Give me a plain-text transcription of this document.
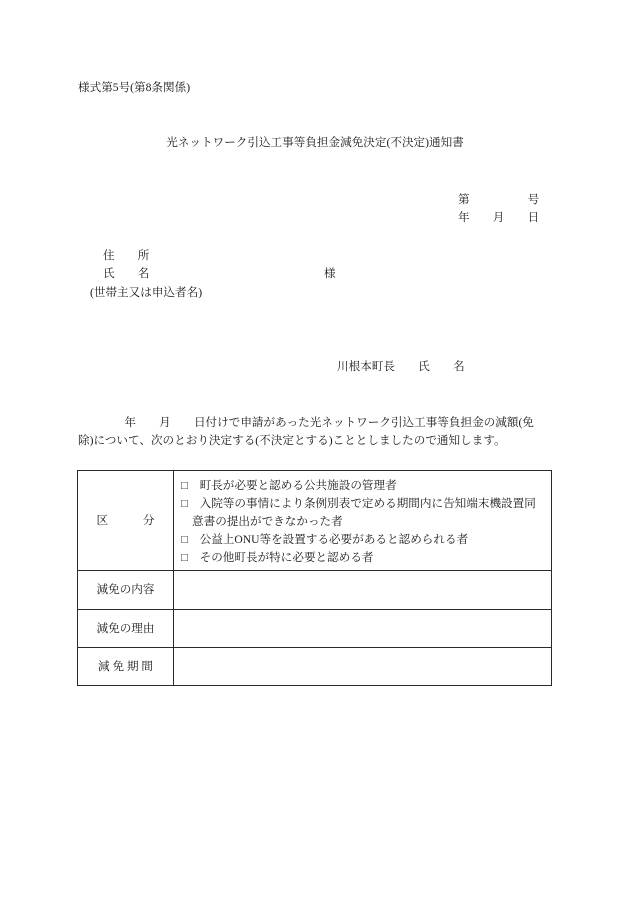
様式第5号(第8条関係)
光ネットワーク引込工事等負担金減免決定(不決定)通知書
第　　　　　号
年　　月　　日
住　　所
氏　　名	様
(世帯主又は申込者名)
川根本町長　　氏　　名
　　　　年　　月　　日付けで申請があった光ネットワーク引込工事等負担金の減額(免
除)について、次のとおり決定する(不決定とする)こととしましたので通知します。
区　　　分	□　町長が必要と認める公共施設の管理者
□　入院等の事情により条例別表で定める期間内に告知端末機設置同
意書の提出ができなかった者
□　公益上ONU等を設置する必要があると認められる者
□　その他町長が特に必要と認める者

減免の内容	
減免の理由	
減 免 期 間	
